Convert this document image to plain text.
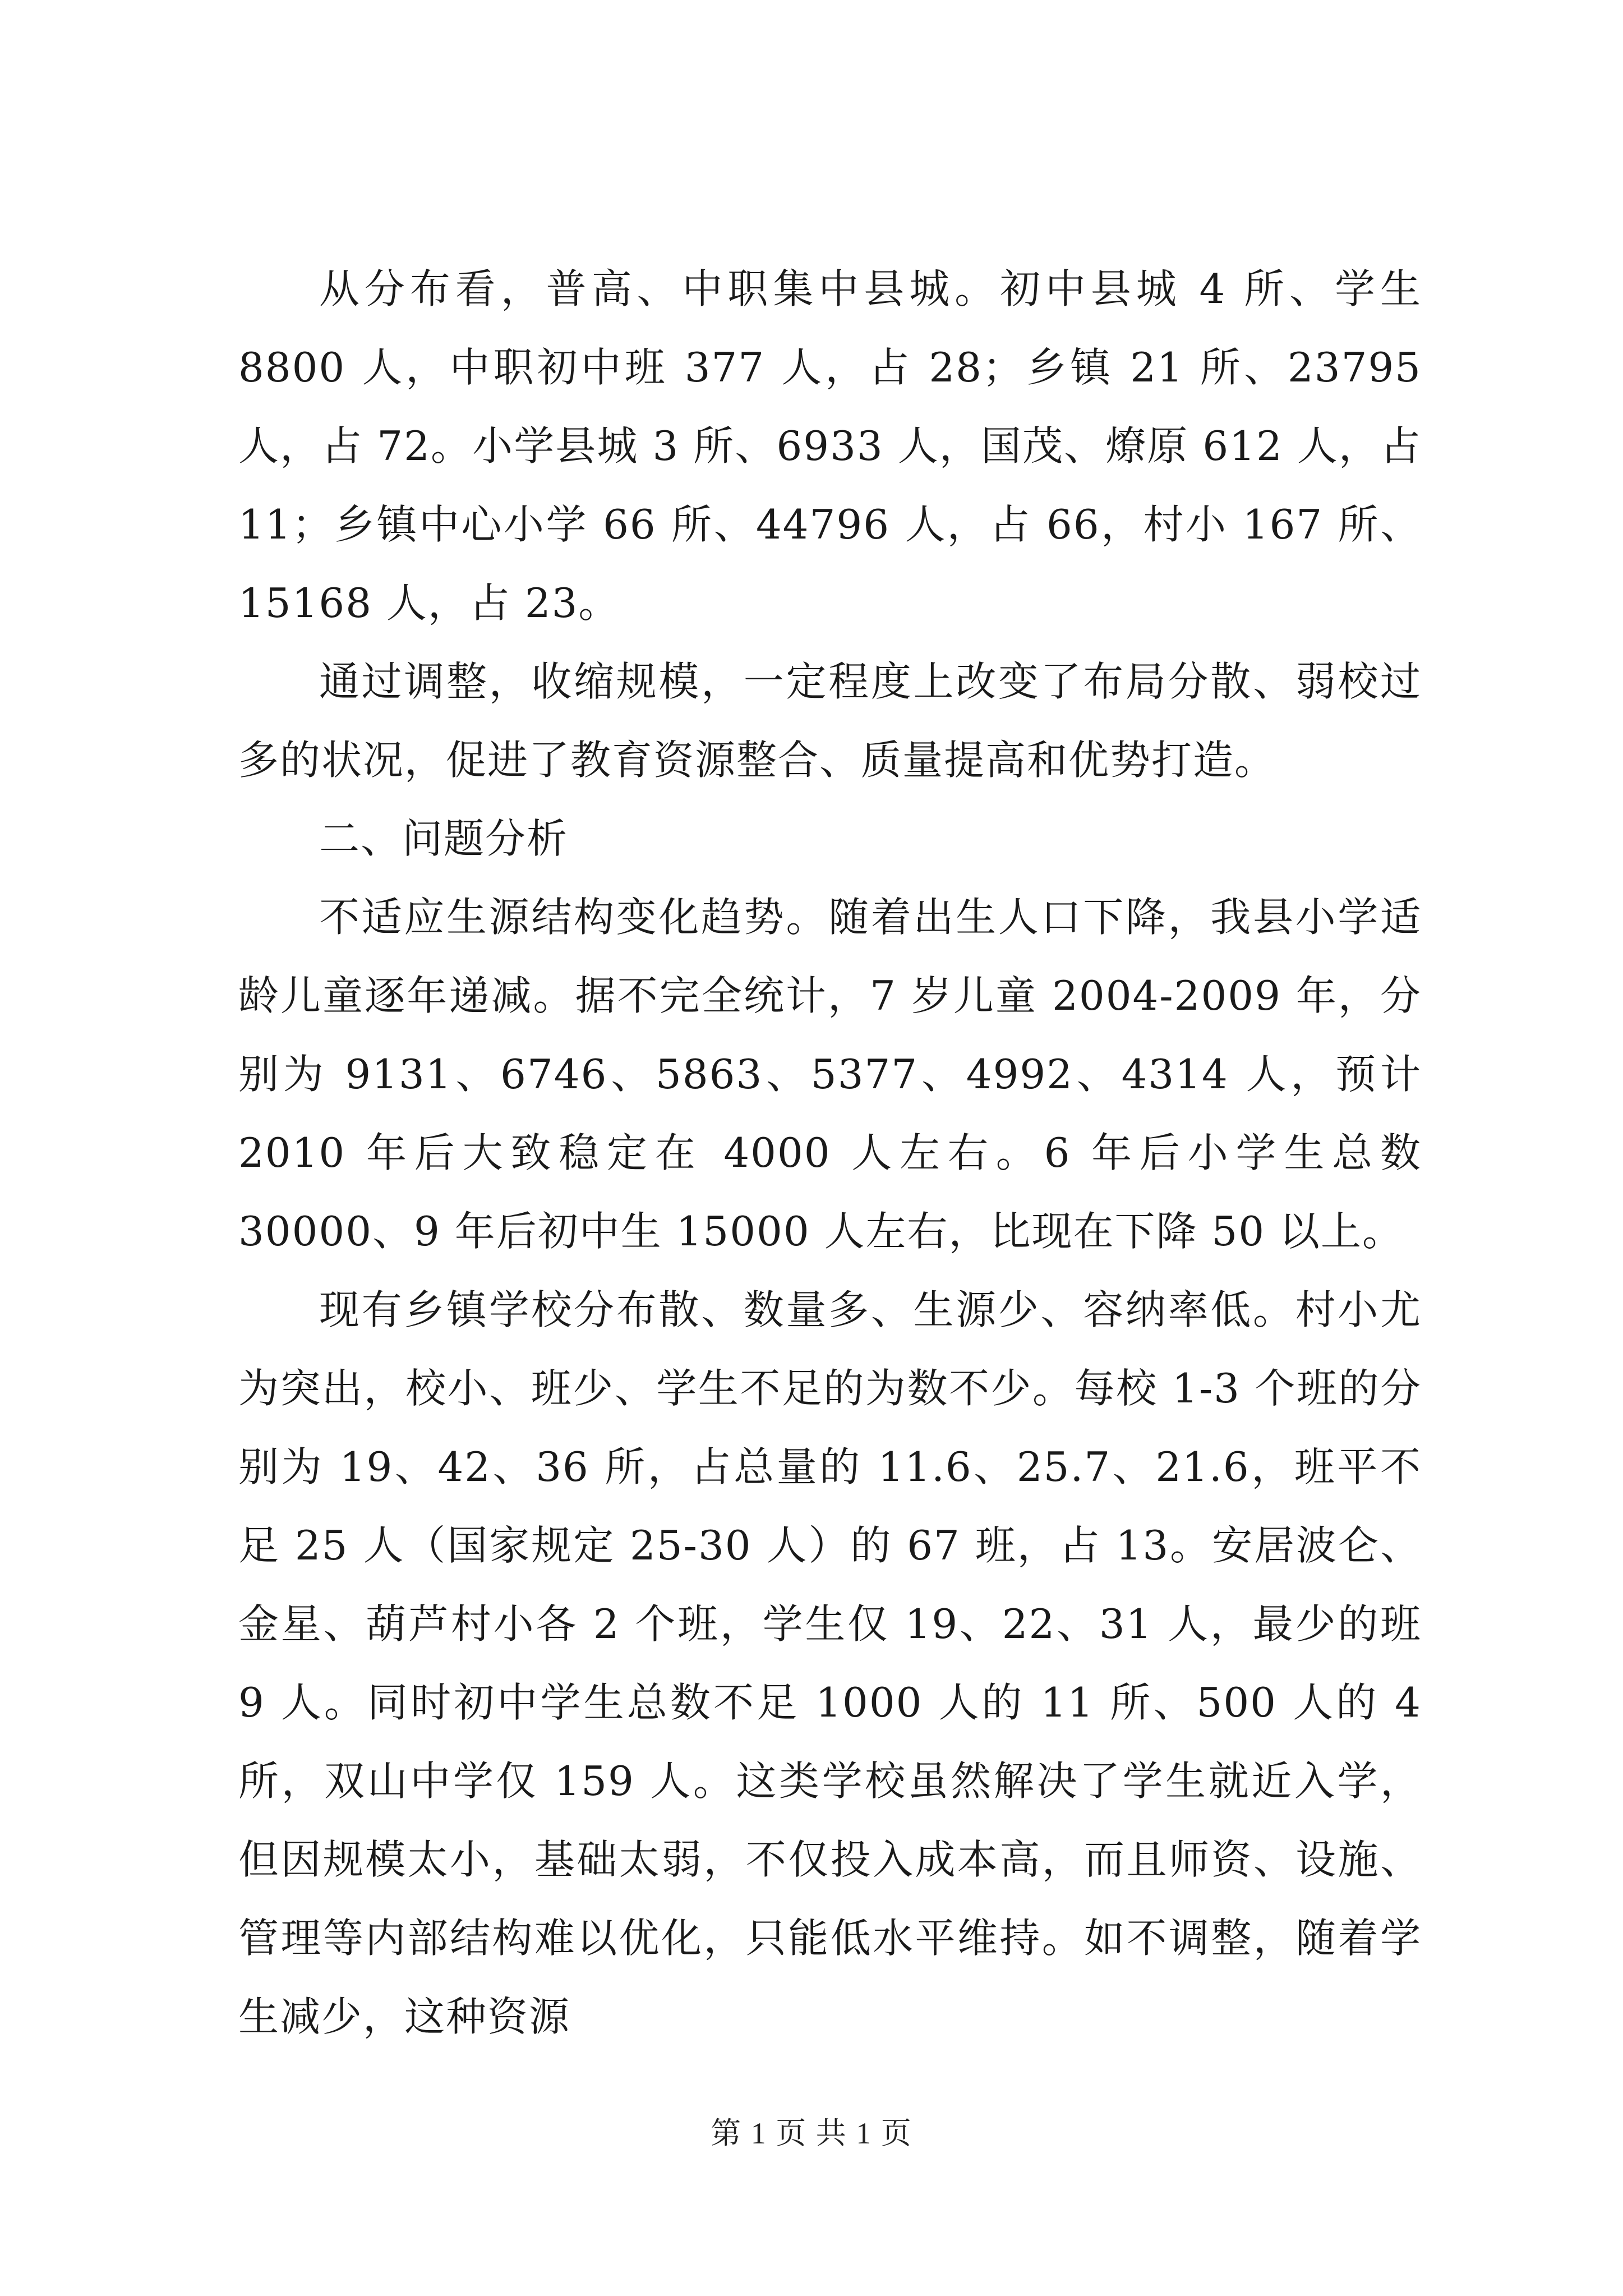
从分布看，普高、中职集中县城。初中县城 4 所、学生 8800 人，中职初中班 377 人，占 28；乡镇 21 所、23795 人，占 72。小学县城 3 所、6933 人，国茂、燎原 612 人，占 11；乡镇中心小学 66 所、44796 人，占 66，村小 167 所、15168 人，占 23。

通过调整，收缩规模，一定程度上改变了布局分散、弱校过多的状况，促进了教育资源整合、质量提高和优势打造。

二、问题分析

不适应生源结构变化趋势。随着出生人口下降，我县小学适龄儿童逐年递减。据不完全统计，7 岁儿童 2004-2009 年，分别为 9131、6746、5863、5377、4992、4314 人，预计 2010 年后大致稳定在 4000 人左右。6 年后小学生总数 30000、9 年后初中生 15000 人左右，比现在下降 50 以上。

现有乡镇学校分布散、数量多、生源少、容纳率低。村小尤为突出，校小、班少、学生不足的为数不少。每校 1-3 个班的分别为 19、42、36 所，占总量的 11.6、25.7、21.6，班平不足 25 人（国家规定 25-30 人）的 67 班，占 13。安居波仑、金星、葫芦村小各 2 个班，学生仅 19、22、31 人，最少的班 9 人。同时初中学生总数不足 1000 人的 11 所、500 人的 4 所，双山中学仅 159 人。这类学校虽然解决了学生就近入学，但因规模太小，基础太弱，不仅投入成本高，而且师资、设施、管理等内部结构难以优化，只能低水平维持。如不调整，随着学生减少，这种资源

第 1 页 共 1 页
